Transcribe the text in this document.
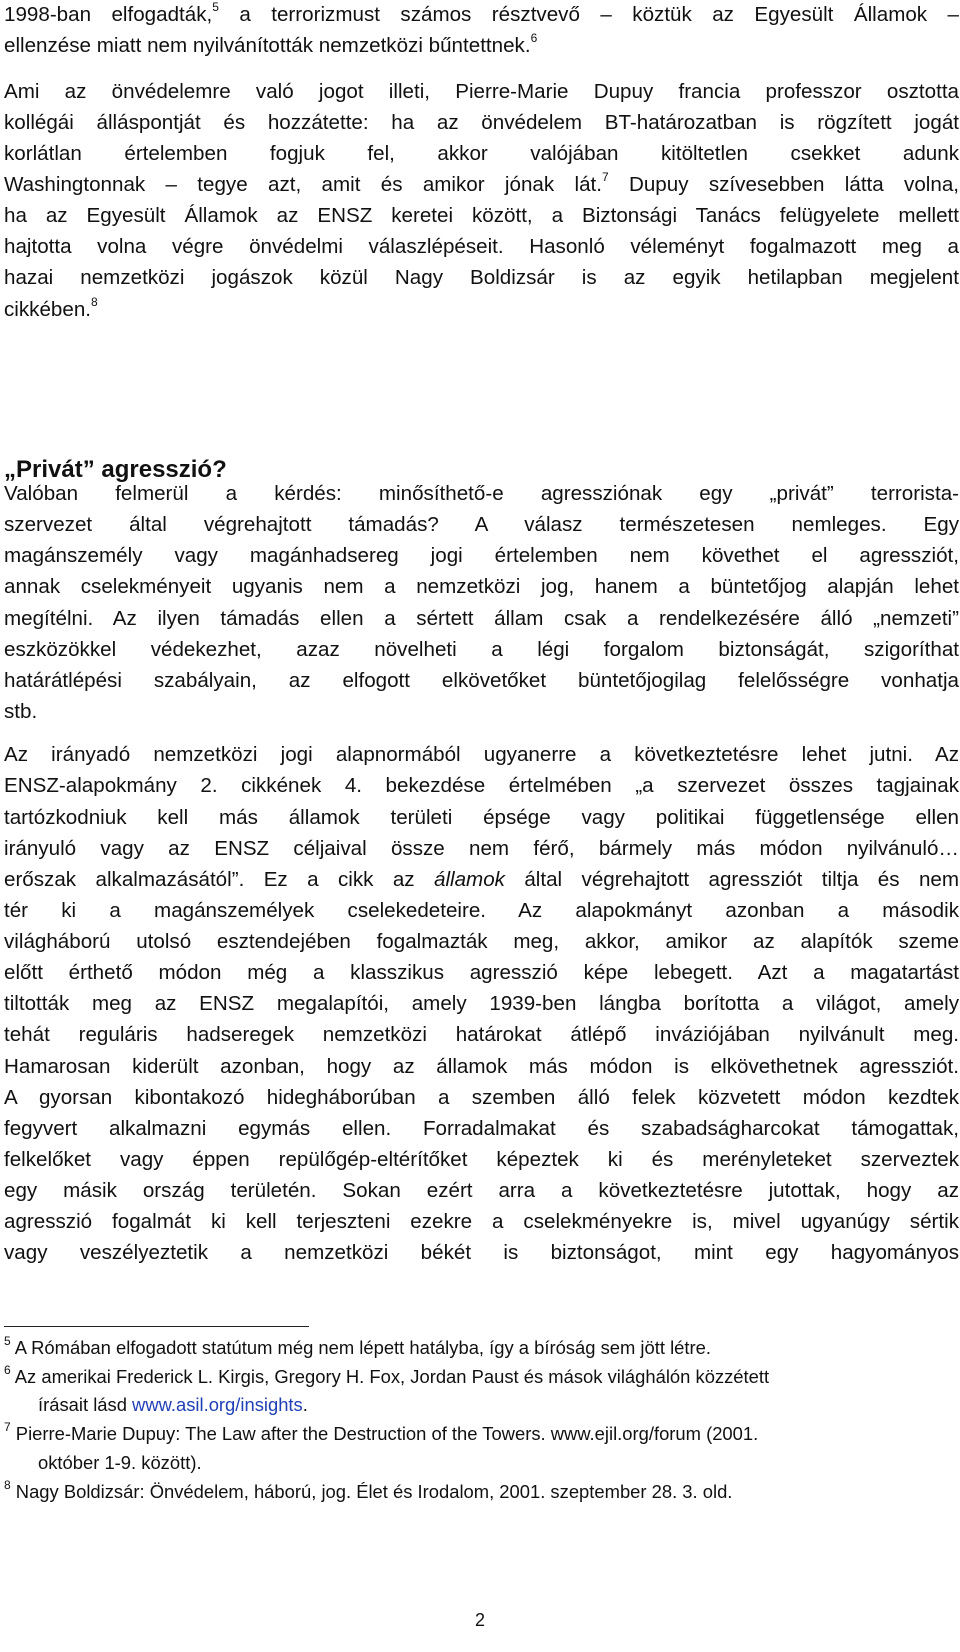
1998-ban elfogadták,$^5$ a terrorizmust számos résztvevő – köztük az Egyesült Államok –
ellenzése miatt nem nyilvánították nemzetközi bűntettnek.$^6$
Ami az önvédelemre való jogot illeti, Pierre-Marie Dupuy francia professzor osztotta
kollégái álláspontját és hozzátette: ha az önvédelem BT-határozatban is rögzített jogát
korlátlan értelemben fogjuk fel, akkor valójában kitöltetlen csekket adunk
Washingtonnak – tegye azt, amit és amikor jónak lát.$^7$ Dupuy szívesebben látta volna,
ha az Egyesült Államok az ENSZ keretei között, a Biztonsági Tanács felügyelete mellett
hajtotta volna végre önvédelmi válaszlépéseit. Hasonló véleményt fogalmazott meg a
hazai nemzetközi jogászok közül Nagy Boldizsár is az egyik hetilapban megjelent
cikkében.$^8$
„Privát” agresszió?
Valóban felmerül a kérdés: minősíthető-e agressziónak egy „privát” terrorista-
szervezet által végrehajtott támadás? A válasz természetesen nemleges. Egy
magánszemély vagy magánhadsereg jogi értelemben nem követhet el agressziót,
annak cselekményeit ugyanis nem a nemzetközi jog, hanem a büntetőjog alapján lehet
megítélni. Az ilyen támadás ellen a sértett állam csak a rendelkezésére álló „nemzeti”
eszközökkel védekezhet, azaz növelheti a légi forgalom biztonságát, szigoríthat
határátlépési szabályain, az elfogott elkövetőket büntetőjogilag felelősségre vonhatja
stb.
Az irányadó nemzetközi jogi alapnormából ugyanerre a következtetésre lehet jutni. Az
ENSZ-alapokmány 2. cikkének 4. bekezdése értelmében „a szervezet összes tagjainak
tartózkodniuk kell más államok területi épsége vagy politikai függetlensége ellen
irányuló vagy az ENSZ céljaival össze nem férő, bármely más módon nyilvánuló…
erőszak alkalmazásától”. Ez a cikk az államok által végrehajtott agressziót tiltja és nem
tér ki a magánszemélyek cselekedeteire. Az alapokmányt azonban a második
világháború utolsó esztendejében fogalmazták meg, akkor, amikor az alapítók szeme
előtt érthető módon még a klasszikus agresszió képe lebegett. Azt a magatartást
tiltották meg az ENSZ megalapítói, amely 1939-ben lángba borította a világot, amely
tehát reguláris hadseregek nemzetközi határokat átlépő inváziójában nyilvánult meg.
Hamarosan kiderült azonban, hogy az államok más módon is elkövethetnek agressziót.
A gyorsan kibontakozó hidegháborúban a szemben álló felek közvetett módon kezdtek
fegyvert alkalmazni egymás ellen. Forradalmakat és szabadságharcokat támogattak,
felkelőket vagy éppen repülőgép-eltérítőket képeztek ki és merényleteket szerveztek
egy másik ország területén. Sokan ezért arra a következtetésre jutottak, hogy az
agresszió fogalmát ki kell terjeszteni ezekre a cselekményekre is, mivel ugyanúgy sértik
vagy veszélyeztetik a nemzetközi békét is biztonságot, mint egy hagyományos
$^5$ A Rómában elfogadott statútum még nem lépett hatályba, így a bíróság sem jött létre.
$^6$ Az amerikai Frederick L. Kirgis, Gregory H. Fox, Jordan Paust és mások világhálón közzétett
írásait lásd www.asil.org/insights.
$^7$ Pierre-Marie Dupuy: The Law after the Destruction of the Towers. www.ejil.org/forum (2001.
október 1-9. között).
$^8$ Nagy Boldizsár: Önvédelem, háború, jog. Élet és Irodalom, 2001. szeptember 28. 3. old.
2
